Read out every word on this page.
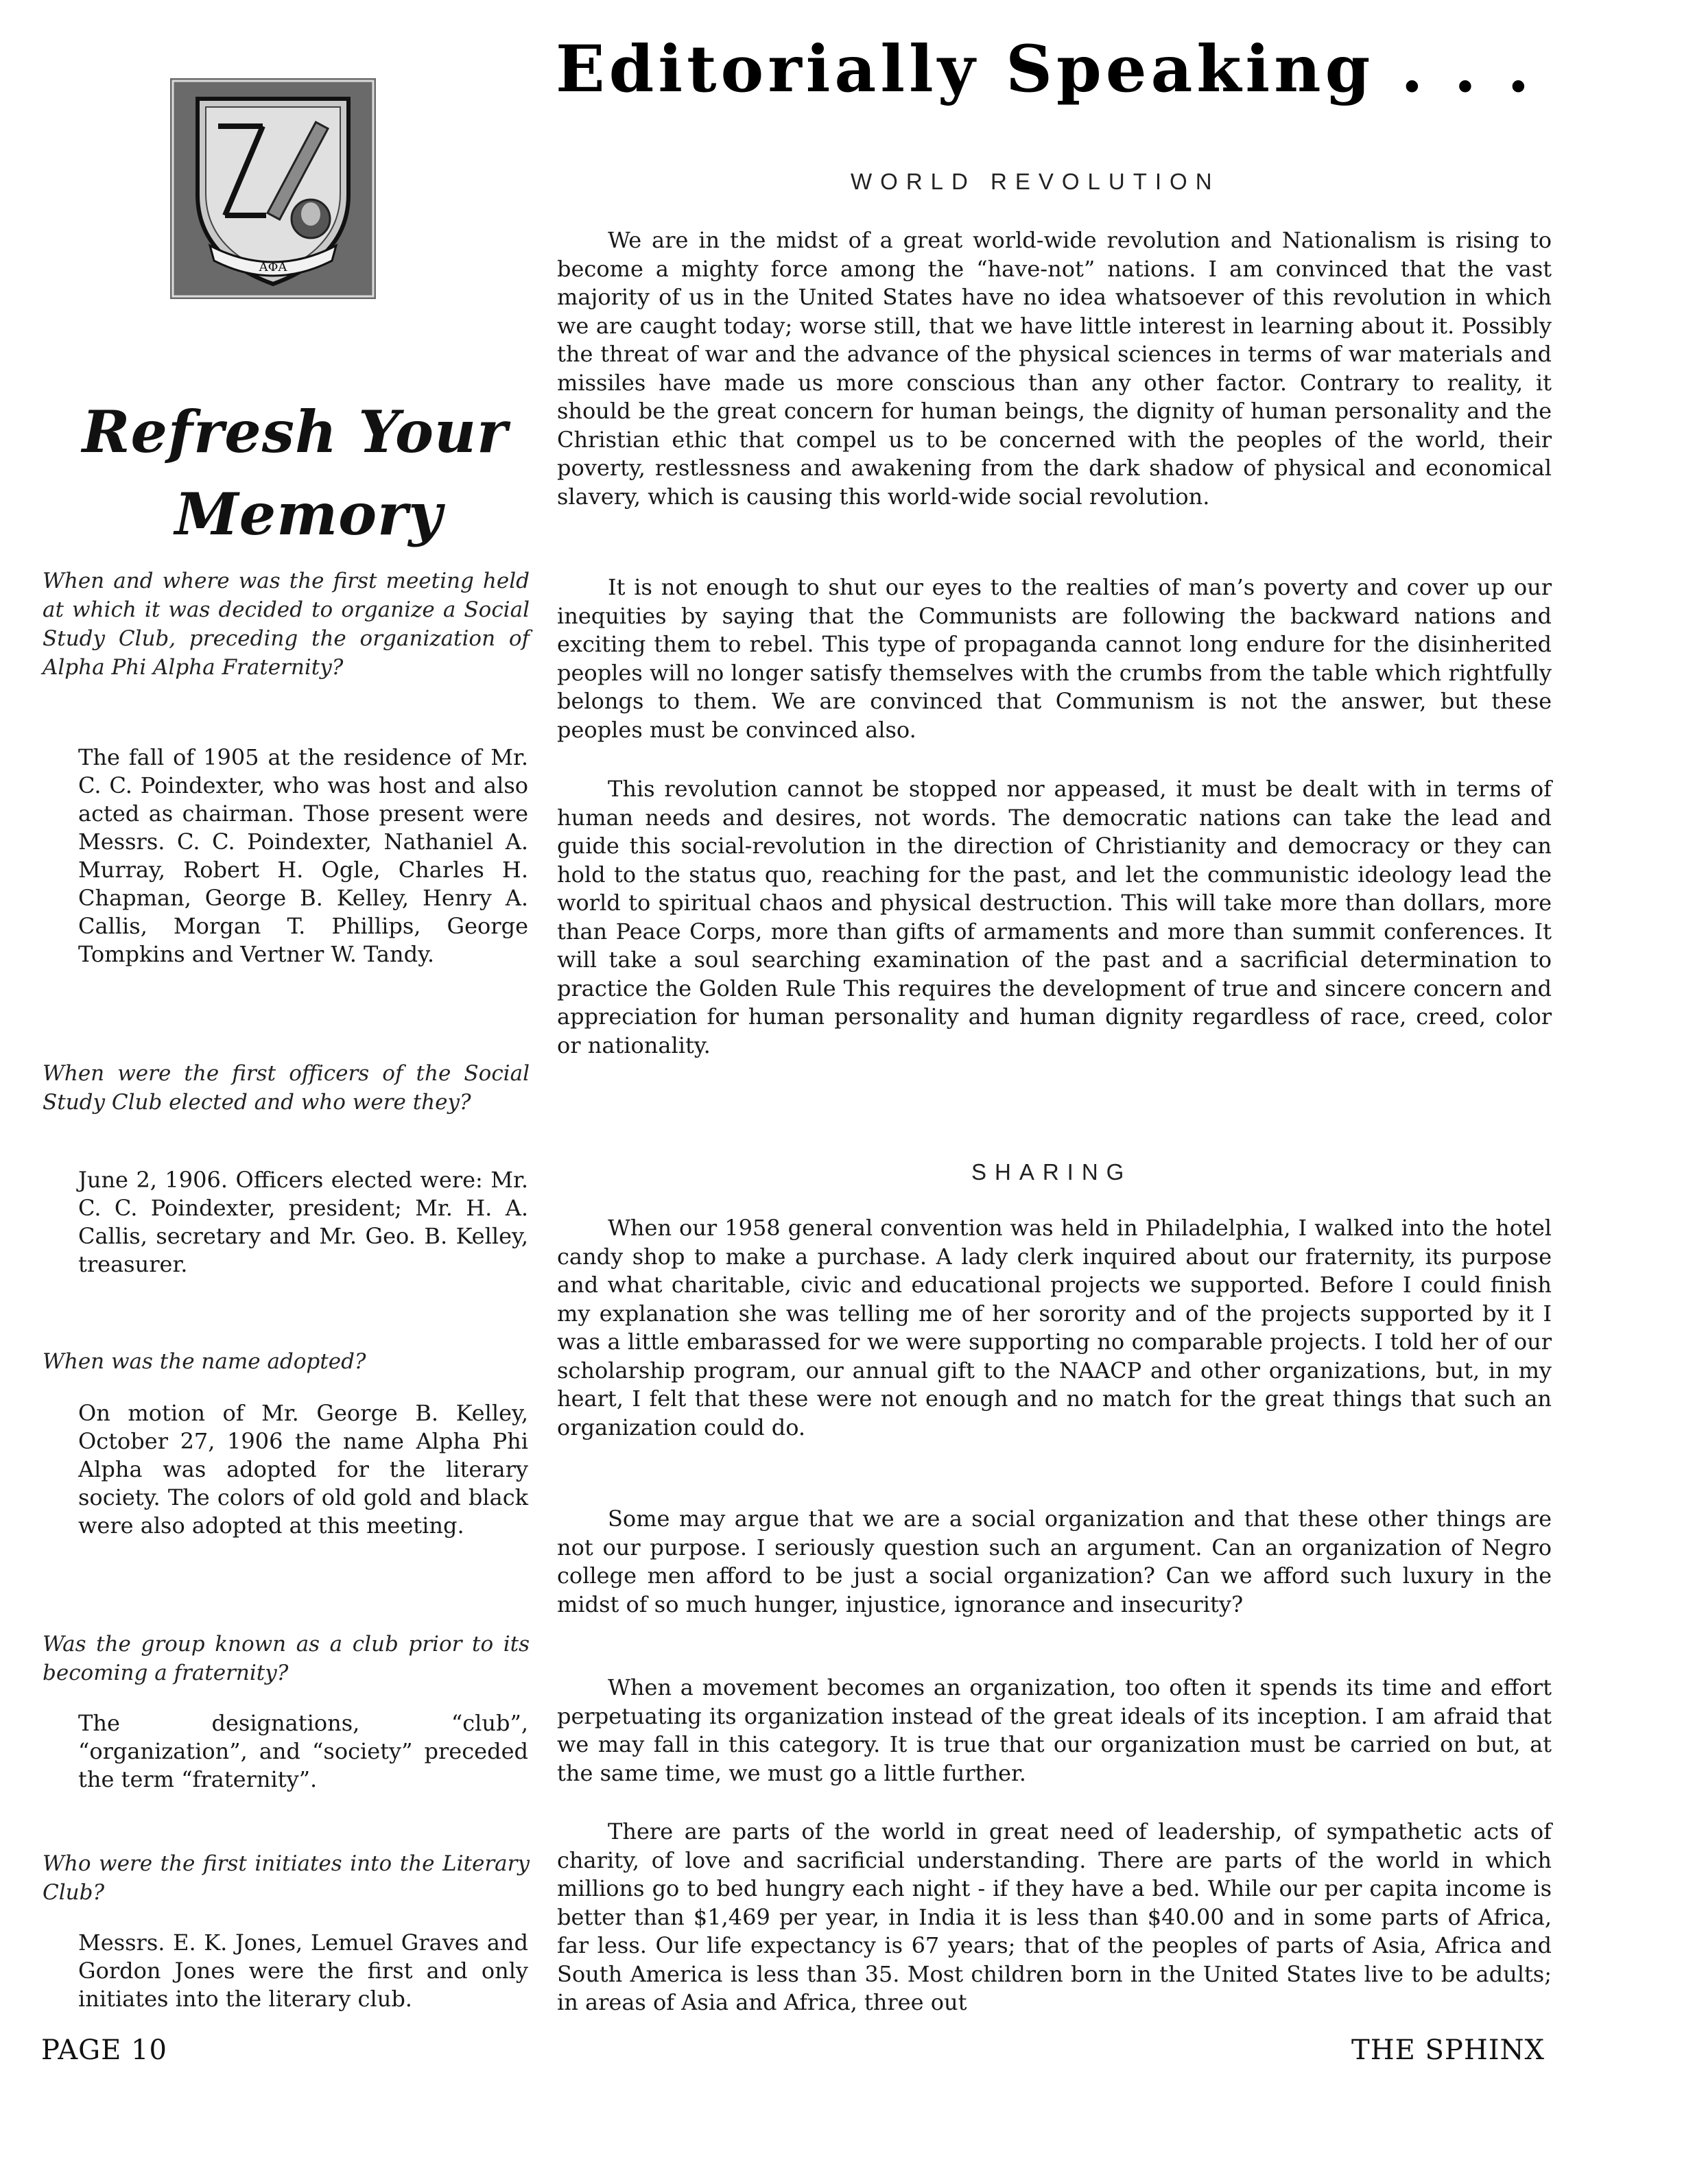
ΑΦΑ
Refresh Your
Memory
When and where was the first meeting held at which it was decided to organize a Social Study Club, preceding the organization of Alpha Phi Alpha Fraternity?
The fall of 1905 at the residence of Mr. C. C. Poindexter, who was host and also acted as chairman. Those present were Messrs. C. C. Poindexter, Nathaniel A. Murray, Robert H. Ogle, Charles H. Chapman, George B. Kelley, Henry A. Callis, Morgan T. Phillips, George Tompkins and Vertner W. Tandy.
When were the first officers of the Social Study Club elected and who were they?
June 2, 1906. Officers elected were: Mr. C. C. Poindexter, president; Mr. H. A. Callis, secretary and Mr. Geo. B. Kelley, treasurer.
When was the name adopted?
On motion of Mr. George B. Kelley, October 27, 1906 the name Alpha Phi Alpha was adopted for the literary society. The colors of old gold and black were also adopted at this meeting.
Was the group known as a club prior to its becoming a fraternity?
The designations, “club”, “organization”, and “society” preceded the term “fraternity”.
Who were the first initiates into the Literary Club?
Messrs. E. K. Jones, Lemuel Graves and Gordon Jones were the first and only initiates into the literary club.
Editorially Speaking . . .
WORLD REVOLUTION
We are in the midst of a great world-wide revolution and Nationalism is rising to become a mighty force among the “have-not” nations. I am convinced that the vast majority of us in the United States have no idea whatsoever of this revolution in which we are caught today; worse still, that we have little interest in learning about it. Possibly the threat of war and the advance of the physical sciences in terms of war materials and missiles have made us more conscious than any other factor. Contrary to reality, it should be the great concern for human beings, the dignity of human personality and the Christian ethic that compel us to be concerned with the peoples of the world, their poverty, restlessness and awakening from the dark shadow of physical and economical slavery, which is causing this world-wide social revolution.
It is not enough to shut our eyes to the realties of man’s poverty and cover up our inequities by saying that the Communists are following the backward nations and exciting them to rebel. This type of propaganda cannot long endure for the disinherited peoples will no longer satisfy themselves with the crumbs from the table which rightfully belongs to them. We are convinced that Communism is not the answer, but these peoples must be convinced also.
This revolution cannot be stopped nor appeased, it must be dealt with in terms of human needs and desires, not words. The democratic nations can take the lead and guide this social-revolution in the direction of Christianity and democracy or they can hold to the status quo, reaching for the past, and let the communistic ideology lead the world to spiritual chaos and physical destruction. This will take more than dollars, more than Peace Corps, more than gifts of armaments and more than summit conferences. It will take a soul searching examination of the past and a sacrificial determination to practice the Golden Rule This requires the development of true and sincere concern and appreciation for human personality and human dignity regardless of race, creed, color or nationality.
SHARING
When our 1958 general convention was held in Philadelphia, I walked into the hotel candy shop to make a purchase. A lady clerk inquired about our fraternity, its purpose and what charitable, civic and educational projects we supported. Before I could finish my explanation she was telling me of her sorority and of the projects supported by it I was a little embarassed for we were supporting no comparable projects. I told her of our scholarship program, our annual gift to the NAACP and other organizations, but, in my heart, I felt that these were not enough and no match for the great things that such an organization could do.
Some may argue that we are a social organization and that these other things are not our purpose. I seriously question such an argument. Can an organization of Negro college men afford to be just a social organization? Can we afford such luxury in the midst of so much hunger, injustice, ignorance and insecurity?
When a movement becomes an organization, too often it spends its time and effort perpetuating its organization instead of the great ideals of its inception. I am afraid that we may fall in this category. It is true that our organization must be carried on but, at the same time, we must go a little further.
There are parts of the world in great need of leadership, of sympathetic acts of charity, of love and sacrificial understanding. There are parts of the world in which millions go to bed hungry each night - if they have a bed. While our per capita income is better than $1,469 per year, in India it is less than $40.00 and in some parts of Africa, far less. Our life expectancy is 67 years; that of the peoples of parts of Asia, Africa and South America is less than 35. Most children born in the United States live to be adults; in areas of Asia and Africa, three out
PAGE 10	THE SPHINX
